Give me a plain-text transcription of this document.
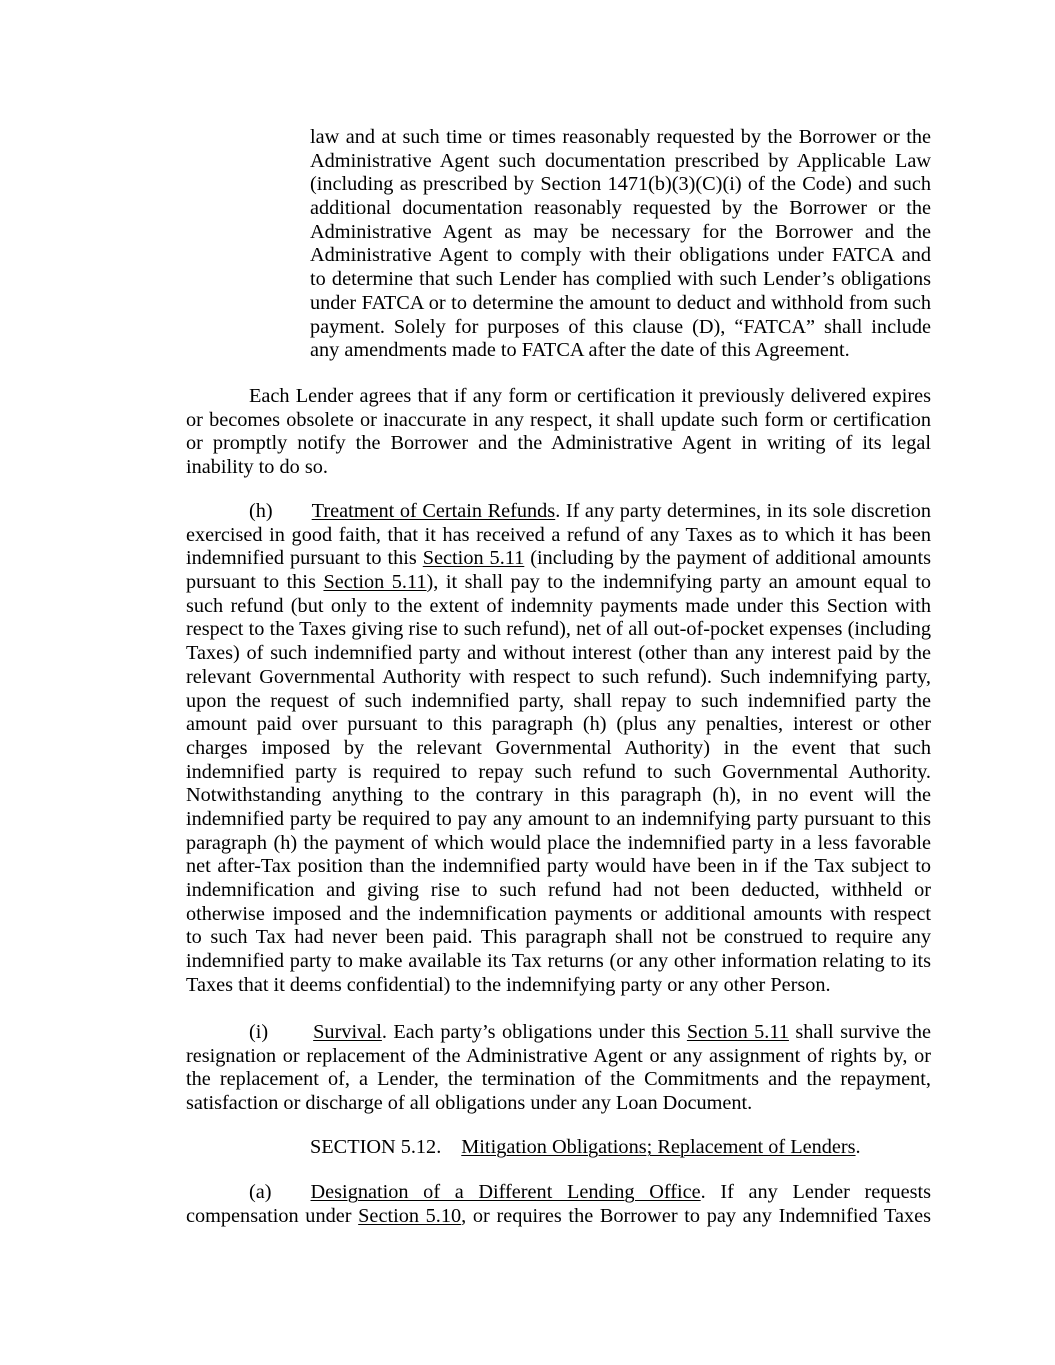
law and at such time or times reasonably requested by the Borrower or the
Administrative Agent such documentation prescribed by Applicable Law
(including as prescribed by Section 1471(b)(3)(C)(i) of the Code) and such
additional documentation reasonably requested by the Borrower or the
Administrative Agent as may be necessary for the Borrower and the
Administrative Agent to comply with their obligations under FATCA and
to determine that such Lender has complied with such Lender’s obligations
under FATCA or to determine the amount to deduct and withhold from such
payment. Solely for purposes of this clause (D), “FATCA” shall include
any amendments made to FATCA after the date of this Agreement.
Each Lender agrees that if any form or certification it previously delivered expires
or becomes obsolete or inaccurate in any respect, it shall update such form or certification
or promptly notify the Borrower and the Administrative Agent in writing of its legal
inability to do so.
(h) Treatment of Certain Refunds. If any party determines, in its sole discretion
exercised in good faith, that it has received a refund of any Taxes as to which it has been
indemnified pursuant to this Section 5.11 (including by the payment of additional amounts
pursuant to this Section 5.11), it shall pay to the indemnifying party an amount equal to
such refund (but only to the extent of indemnity payments made under this Section with
respect to the Taxes giving rise to such refund), net of all out-of-pocket expenses (including
Taxes) of such indemnified party and without interest (other than any interest paid by the
relevant Governmental Authority with respect to such refund). Such indemnifying party,
upon the request of such indemnified party, shall repay to such indemnified party the
amount paid over pursuant to this paragraph (h) (plus any penalties, interest or other
charges imposed by the relevant Governmental Authority) in the event that such
indemnified party is required to repay such refund to such Governmental Authority.
Notwithstanding anything to the contrary in this paragraph (h), in no event will the
indemnified party be required to pay any amount to an indemnifying party pursuant to this
paragraph (h) the payment of which would place the indemnified party in a less favorable
net after-Tax position than the indemnified party would have been in if the Tax subject to
indemnification and giving rise to such refund had not been deducted, withheld or
otherwise imposed and the indemnification payments or additional amounts with respect
to such Tax had never been paid. This paragraph shall not be construed to require any
indemnified party to make available its Tax returns (or any other information relating to its
Taxes that it deems confidential) to the indemnifying party or any other Person.
(i) Survival. Each party’s obligations under this Section 5.11 shall survive the
resignation or replacement of the Administrative Agent or any assignment of rights by, or
the replacement of, a Lender, the termination of the Commitments and the repayment,
satisfaction or discharge of all obligations under any Loan Document.
SECTION 5.12. Mitigation Obligations; Replacement of Lenders.
(a) Designation of a Different Lending Office. If any Lender requests
compensation under Section 5.10, or requires the Borrower to pay any Indemnified Taxes
